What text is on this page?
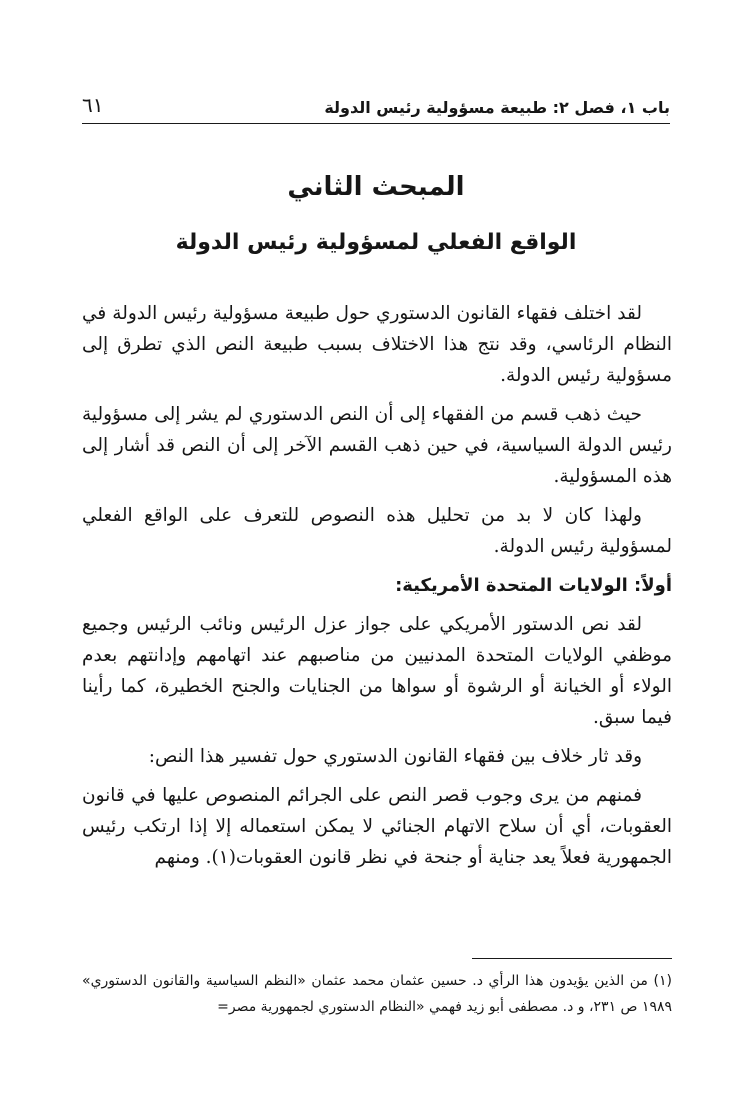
باب ١، فصل ٢: طبيعة مسؤولية رئيس الدولة
٦١
المبحث الثاني
الواقع الفعلي لمسؤولية رئيس الدولة

لقد اختلف فقهاء القانون الدستوري حول طبيعة مسؤولية رئيس الدولة في النظام الرئاسي، وقد نتج هذا الاختلاف بسبب طبيعة النص الذي تطرق إلى مسؤولية رئيس الدولة.

حيث ذهب قسم من الفقهاء إلى أن النص الدستوري لم يشر إلى مسؤولية رئيس الدولة السياسية، في حين ذهب القسم الآخر إلى أن النص قد أشار إلى هذه المسؤولية.

ولهذا كان لا بد من تحليل هذه النصوص للتعرف على الواقع الفعلي لمسؤولية رئيس الدولة.

أولاً: الولايات المتحدة الأمريكية:

لقد نص الدستور الأمريكي على جواز عزل الرئيس ونائب الرئيس وجميع موظفي الولايات المتحدة المدنيين من مناصبهم عند اتهامهم وإدانتهم بعدم الولاء أو الخيانة أو الرشوة أو سواها من الجنايات والجنح الخطيرة، كما رأينا فيما سبق.

وقد ثار خلاف بين فقهاء القانون الدستوري حول تفسير هذا النص:

فمنهم من يرى وجوب قصر النص على الجرائم المنصوص عليها في قانون العقوبات، أي أن سلاح الاتهام الجنائي لا يمكن استعماله إلا إذا ارتكب رئيس الجمهورية فعلاً يعد جناية أو جنحة في نظر قانون العقوبات(١). ومنهم

(١) من الذين يؤيدون هذا الرأي د. حسين عثمان محمد عثمان «النظم السياسية والقانون الدستوري» ١٩٨٩ ص ٢٣١، و د. مصطفى أبو زيد فهمي «النظام الدستوري لجمهورية مصر=
